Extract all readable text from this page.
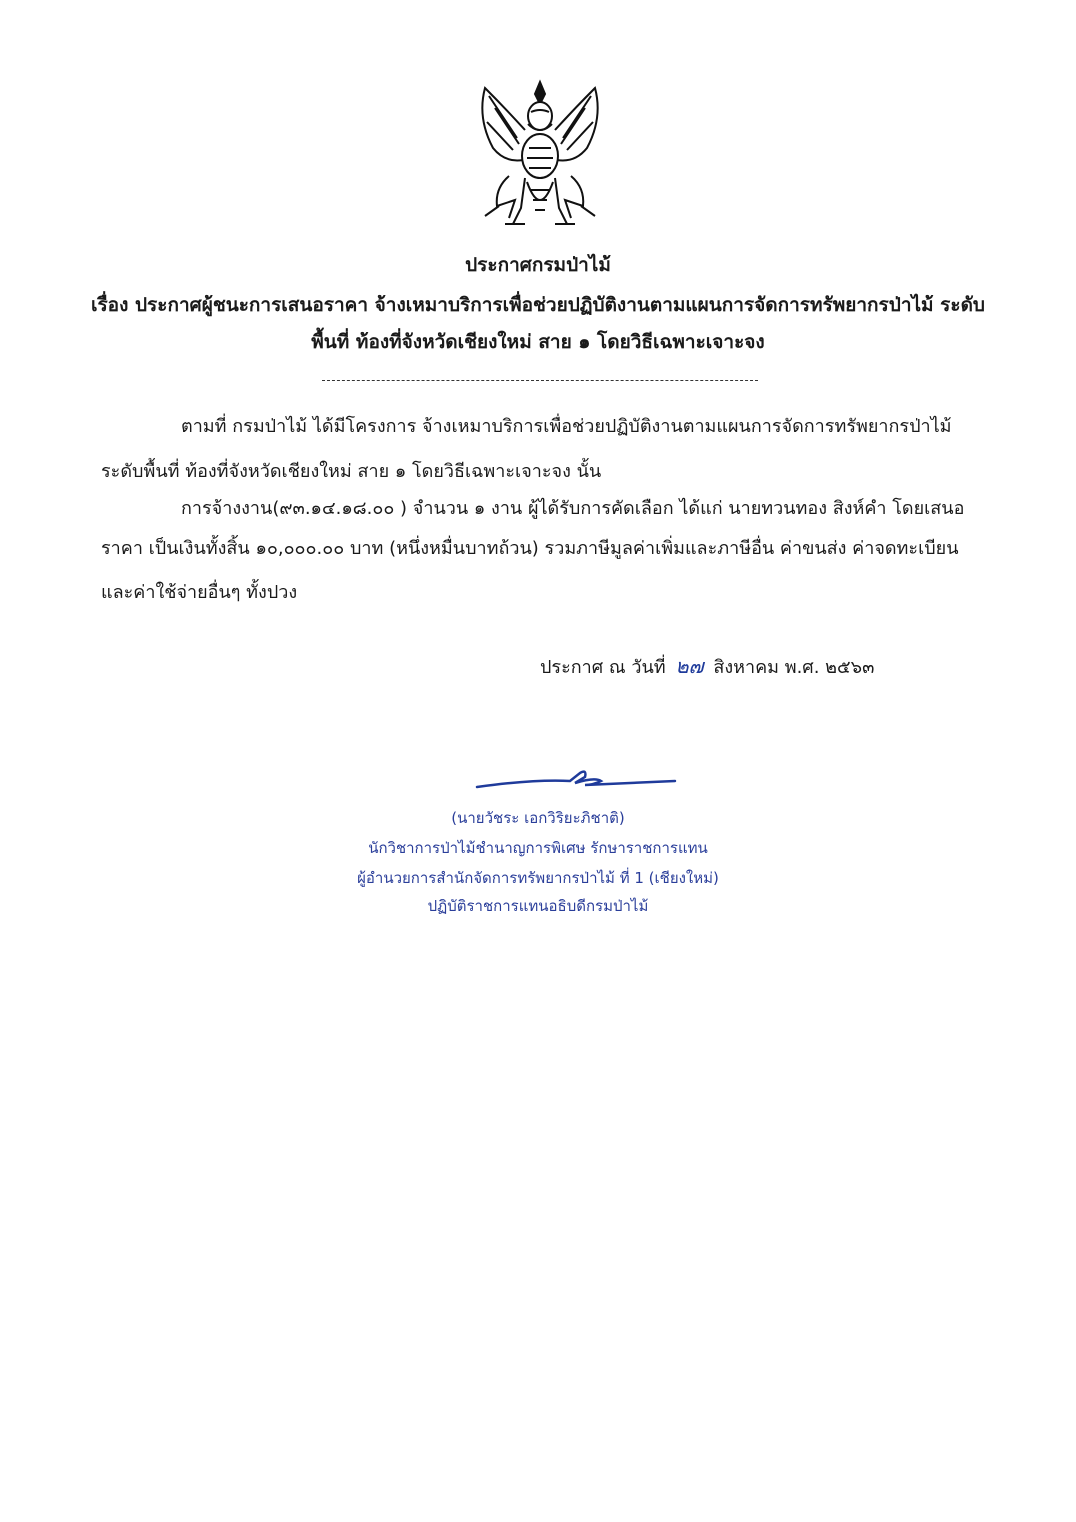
ประกาศกรมป่าไม้
เรื่อง ประกาศผู้ชนะการเสนอราคา จ้างเหมาบริการเพื่อช่วยปฏิบัติงานตามแผนการจัดการทรัพยากรป่าไม้ ระดับ
พื้นที่ ท้องที่จังหวัดเชียงใหม่ สาย ๑ โดยวิธีเฉพาะเจาะจง
ตามที่ กรมป่าไม้ ได้มีโครงการ จ้างเหมาบริการเพื่อช่วยปฏิบัติงานตามแผนการจัดการทรัพยากรป่าไม้
ระดับพื้นที่ ท้องที่จังหวัดเชียงใหม่ สาย ๑ โดยวิธีเฉพาะเจาะจง นั้น
การจ้างงาน(๙๓.๑๔.๑๘.๐๐ ) จำนวน ๑ งาน ผู้ได้รับการคัดเลือก ได้แก่ นายทวนทอง สิงห์คำ โดยเสนอ
ราคา เป็นเงินทั้งสิ้น ๑๐,๐๐๐.๐๐ บาท (หนึ่งหมื่นบาทถ้วน) รวมภาษีมูลค่าเพิ่มและภาษีอื่น ค่าขนส่ง ค่าจดทะเบียน
และค่าใช้จ่ายอื่นๆ ทั้งปวง
ประกาศ ณ วันที่ ๒๗ สิงหาคม พ.ศ. ๒๕๖๓
(นายวัชระ เอกวิริยะภิชาติ)
นักวิชาการป่าไม้ชำนาญการพิเศษ รักษาราชการแทน
ผู้อำนวยการสำนักจัดการทรัพยากรป่าไม้ ที่ 1 (เชียงใหม่)
ปฏิบัติราชการแทนอธิบดีกรมป่าไม้
